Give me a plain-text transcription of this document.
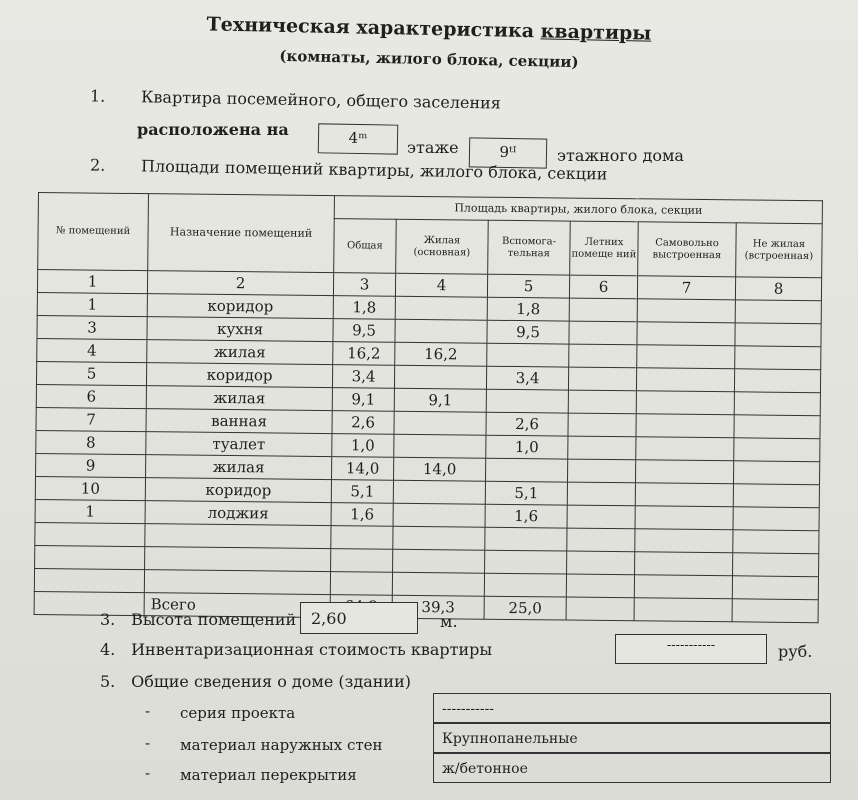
Техническая характеристика квартиры
(комнаты, жилого блока, секции)
1. Квартира посемейного, общего заселения
расположена на	4ᵐ	этаже	9ᵗᴵ	этажного дома
2. Площади помещений квартиры, жилого блока, секции
№ помещений	Назначение помещений	Площадь квартиры, жилого блока, секции					
		Общая	Жилая (основная)	Вспомога-тельная	Летних помеще ний	Самовольно выстроенная	Не жилая (встроенная)
1	2	3	4	5	6	7	8
1	коридор	1,8		1,8			
3	кухня	9,5		9,5			
4	жилая	16,2	16,2				
5	коридор	3,4		3,4			
6	жилая	9,1	9,1				
7	ванная	2,6		2,6			
8	туалет	1,0		1,0			
9	жилая	14,0	14,0				
10	коридор	5,1		5,1			
1	лоджия	1,6		1,6			

	Всего		39,3	25,0			
3. Высота помещений 2,60	м.
4. Инвентаризационная стоимость квартиры	-----------	руб.
5. Общие сведения о доме (здании)
- серия проекта	-----------
- материал наружных стен	Крупнопанельные
- материал перекрытия	ж/бетонное
